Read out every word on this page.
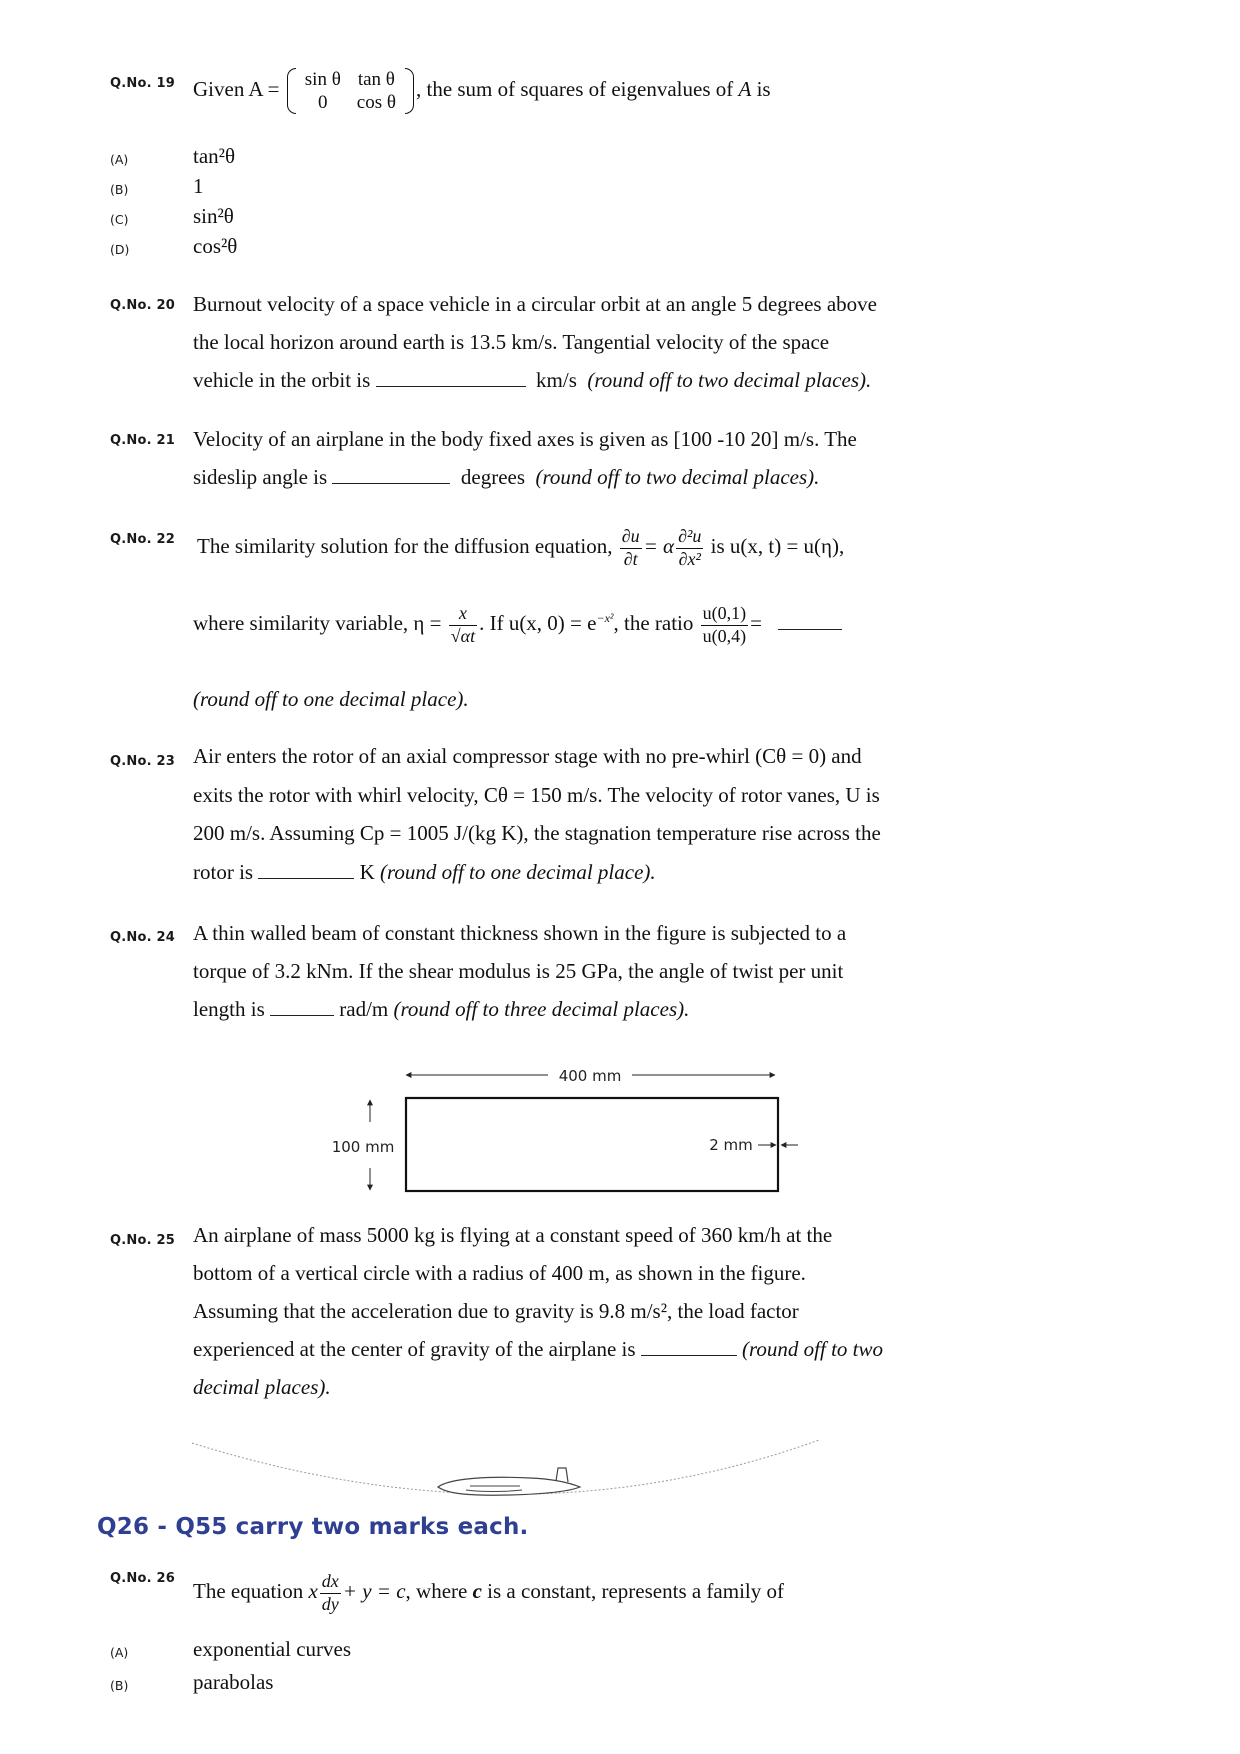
Q.No. 19 Given A = sin θ	tan θ
0	cos θ
, the sum of squares of eigenvalues of A is
(A)	tan²θ
(B)	1
(C)	sin²θ
(D)	cos²θ
Q.No. 20 Burnout velocity of a space vehicle in a circular orbit at an angle 5 degrees above
the local horizon around earth is 13.5 km/s. Tangential velocity of the space
vehicle in the orbit is	km/s (round off to two decimal places).
Q.No. 21 Velocity of an airplane in the body fixed axes is given as [100 -10 20] m/s. The
sideslip angle is	degrees (round off to two decimal places).
Q.No. 22 The similarity solution for the diffusion equation, $\frac{\partial u}{\partial t} = \alpha \frac{\text{∂²u}}{\text{∂x²}}$ is u(x, t) = u(η),
where similarity variable, $\eta = \frac{x}{√\alpha t}$ . If u(x, $0) = e^{-x^2}$, the ratio $\frac{u(0,1)}{u(0,4)}$ =
(round off to one decimal place).
Q.No. 23 Air enters the rotor of an axial compressor stage with no pre-whirl (Cθ = 0) and
exits the rotor with whirl velocity, Cθ = 150 m/s. The velocity of rotor vanes, U is
200 m/s. Assuming Cp = 1005 J/(kg K), the stagnation temperature rise across the
rotor is	K (round off to one decimal place).
Q.No. 24 A thin walled beam of constant thickness shown in the figure is subjected to a
torque of 3.2 kNm. If the shear modulus is 25 GPa, the angle of twist per unit
length is	rad/m (round off to three decimal places).
400 mm
100 mm	2 mm
Q.No. 25 An airplane of mass 5000 kg is flying at a constant speed of 360 km/h at the
bottom of a vertical circle with a radius of 400 m, as shown in the figure.
Assuming that the acceleration due to gravity is 9.8 m/s², the load factor
experienced at the center of gravity of the airplane is	(round off to two
decimal places).
Q26 - Q55 carry two marks each.
Q.No. 26
The equation x $\frac{dx}{dy} + y = c$, where c is a constant, represents a family of
(A)	exponential curves
(B)	parabolas
